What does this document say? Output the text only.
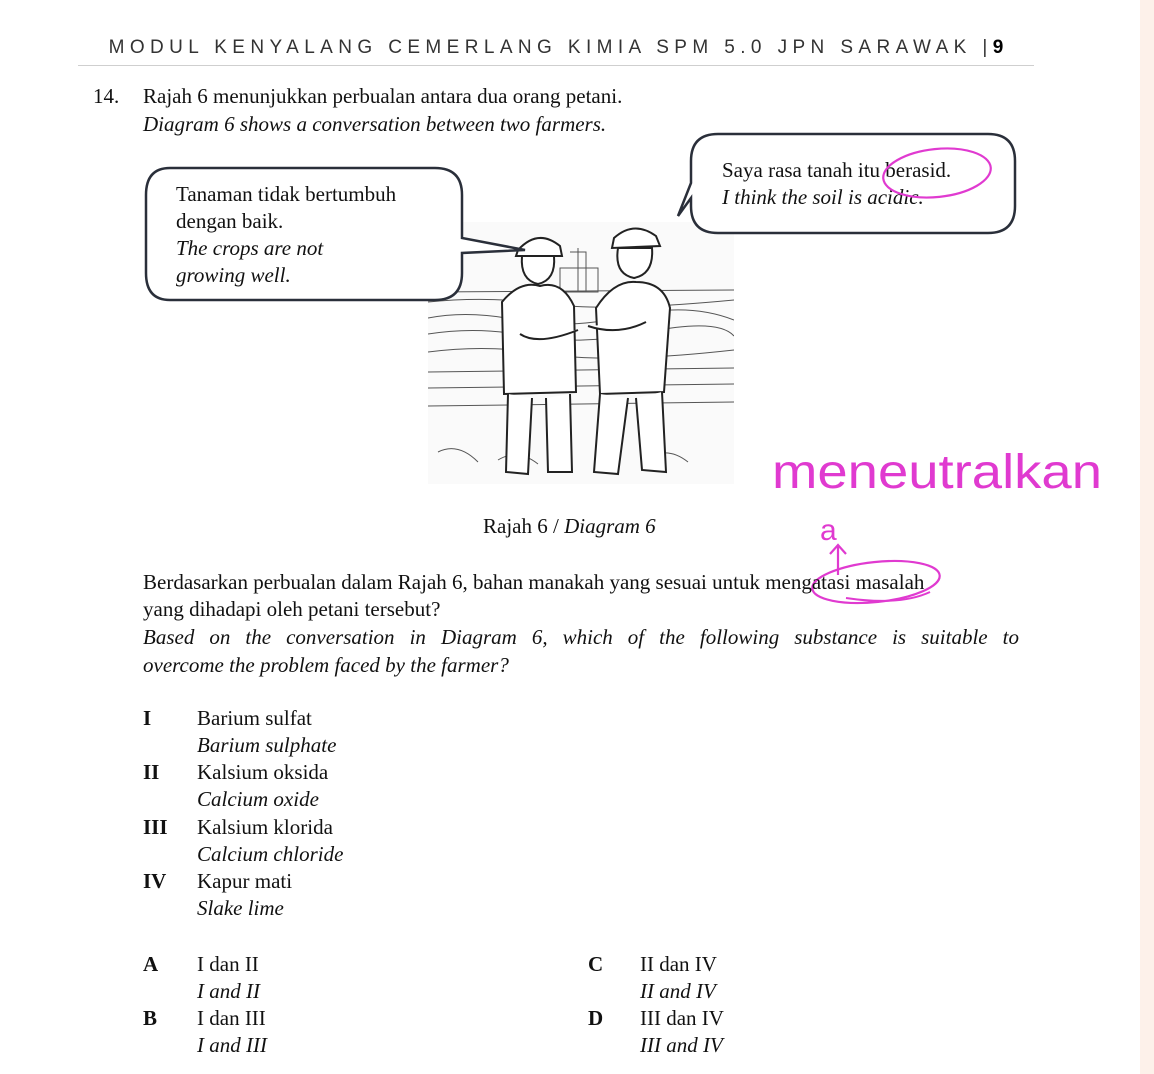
MODUL KENYALANG CEMERLANG KIMIA SPM 5.0 JPN SARAWAK |9
14. Rajah 6 menunjukkan perbualan antara dua orang petani.
Diagram 6 shows a conversation between two farmers.
Tanaman tidak bertumbuh
dengan baik.
The crops are not
growing well.
Saya rasa tanah itu berasid.
I think the soil is acidic.
a
meneutralkan
Rajah 6 / Diagram 6
Berdasarkan perbualan dalam Rajah 6, bahan manakah yang sesuai untuk mengatasi masalah
yang dihadapi oleh petani tersebut?
Based on the conversation in Diagram 6, which of the following substance is suitable to
overcome the problem faced by the farmer?
I Barium sulfat
Barium sulphate
II Kalsium oksida
Calcium oxide
III Kalsium klorida
Calcium chloride
IV Kapur mati
Slake lime
A I dan II
I and II
B I dan III
I and III
C II dan IV
II and IV
D III dan IV
III and IV
